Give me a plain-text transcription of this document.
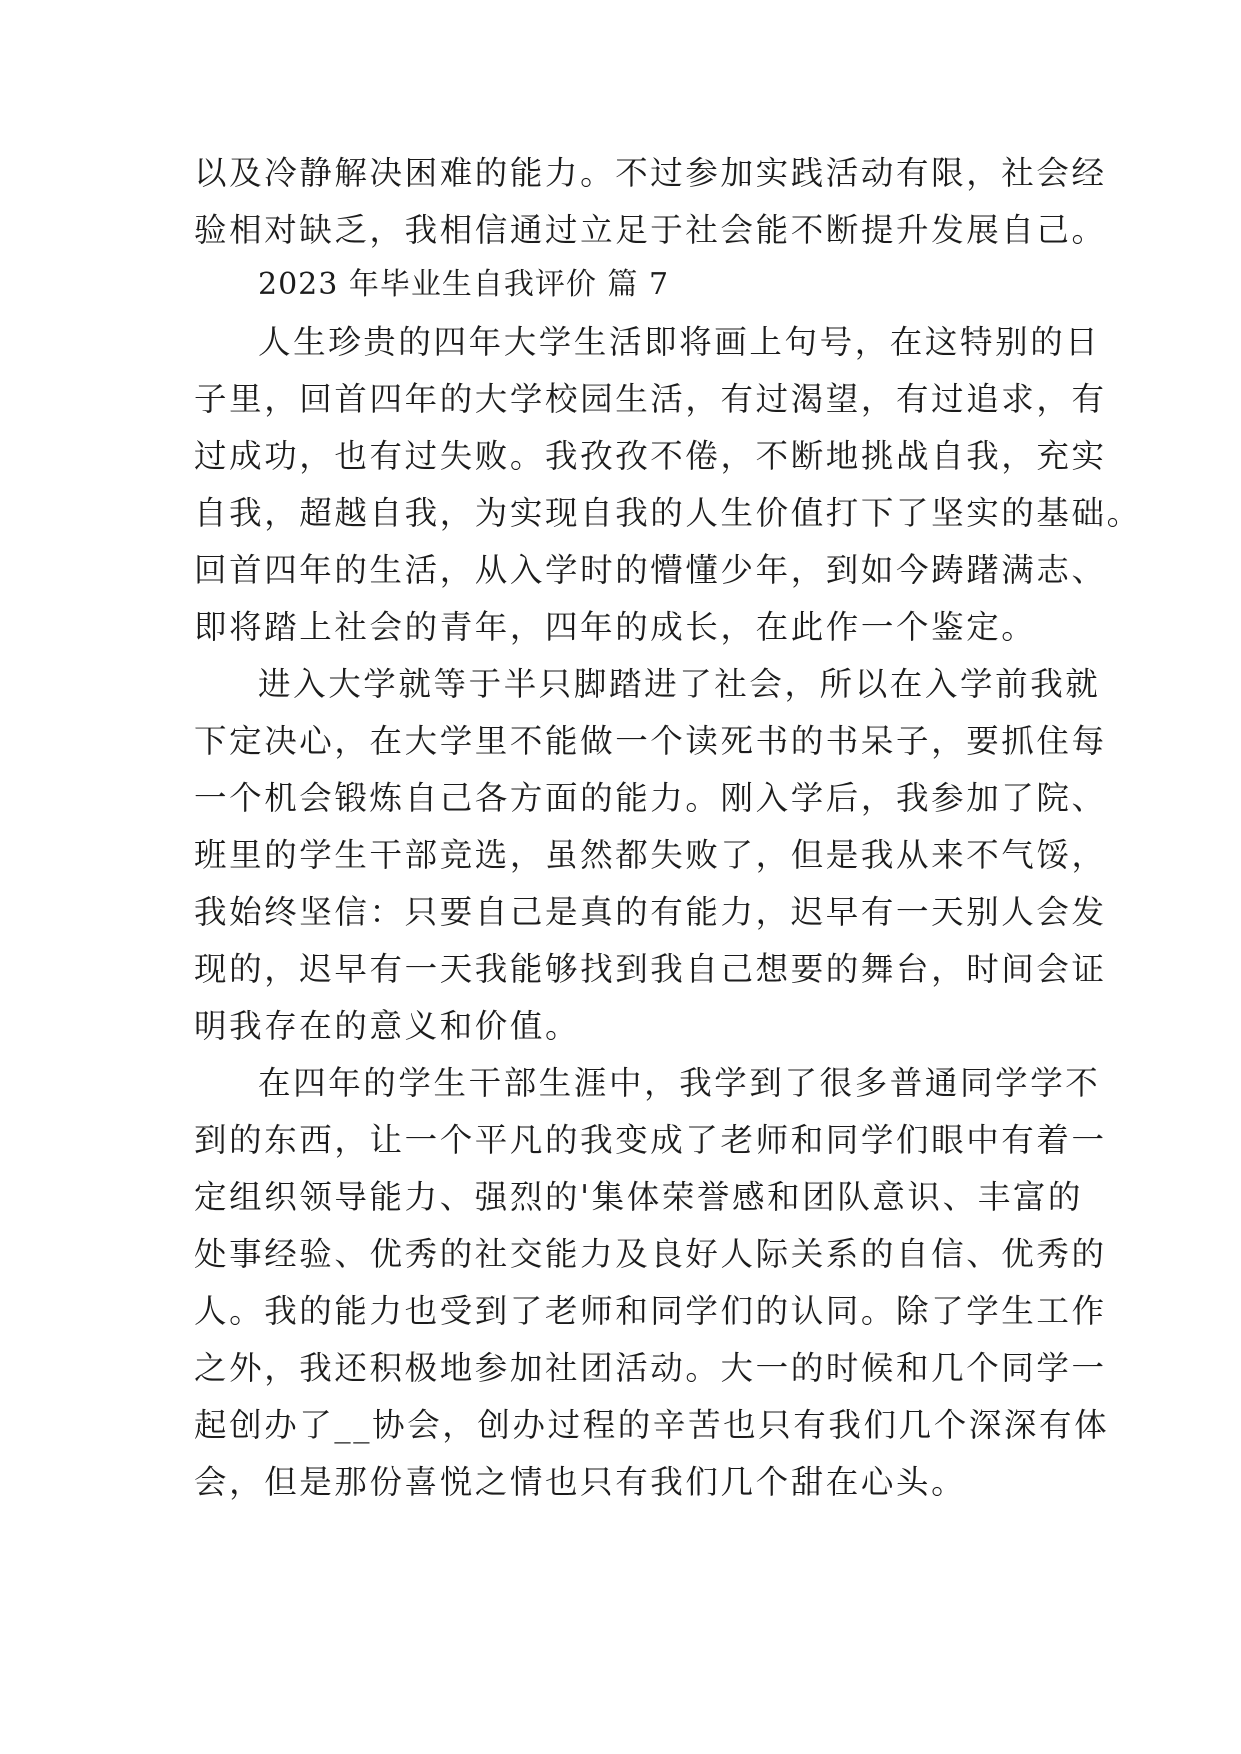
以及冷静解决困难的能力。不过参加实践活动有限，社会经
验相对缺乏，我相信通过立足于社会能不断提升发展自己。
2023 年毕业生自我评价 篇 7
人生珍贵的四年大学生活即将画上句号，在这特别的日
子里，回首四年的大学校园生活，有过渴望，有过追求，有
过成功，也有过失败。我孜孜不倦，不断地挑战自我，充实
自我，超越自我，为实现自我的人生价值打下了坚实的基础。
回首四年的生活，从入学时的懵懂少年，到如今踌躇满志、
即将踏上社会的青年，四年的成长，在此作一个鉴定。
进入大学就等于半只脚踏进了社会，所以在入学前我就
下定决心，在大学里不能做一个读死书的书呆子，要抓住每
一个机会锻炼自己各方面的能力。刚入学后，我参加了院、
班里的学生干部竞选，虽然都失败了，但是我从来不气馁，
我始终坚信：只要自己是真的有能力，迟早有一天别人会发
现的，迟早有一天我能够找到我自己想要的舞台，时间会证
明我存在的意义和价值。
在四年的学生干部生涯中，我学到了很多普通同学学不
到的东西，让一个平凡的我变成了老师和同学们眼中有着一
定组织领导能力、强烈的'集体荣誉感和团队意识、丰富的
处事经验、优秀的社交能力及良好人际关系的自信、优秀的
人。我的能力也受到了老师和同学们的认同。除了学生工作
之外，我还积极地参加社团活动。大一的时候和几个同学一
起创办了__协会，创办过程的辛苦也只有我们几个深深有体
会，但是那份喜悦之情也只有我们几个甜在心头。
